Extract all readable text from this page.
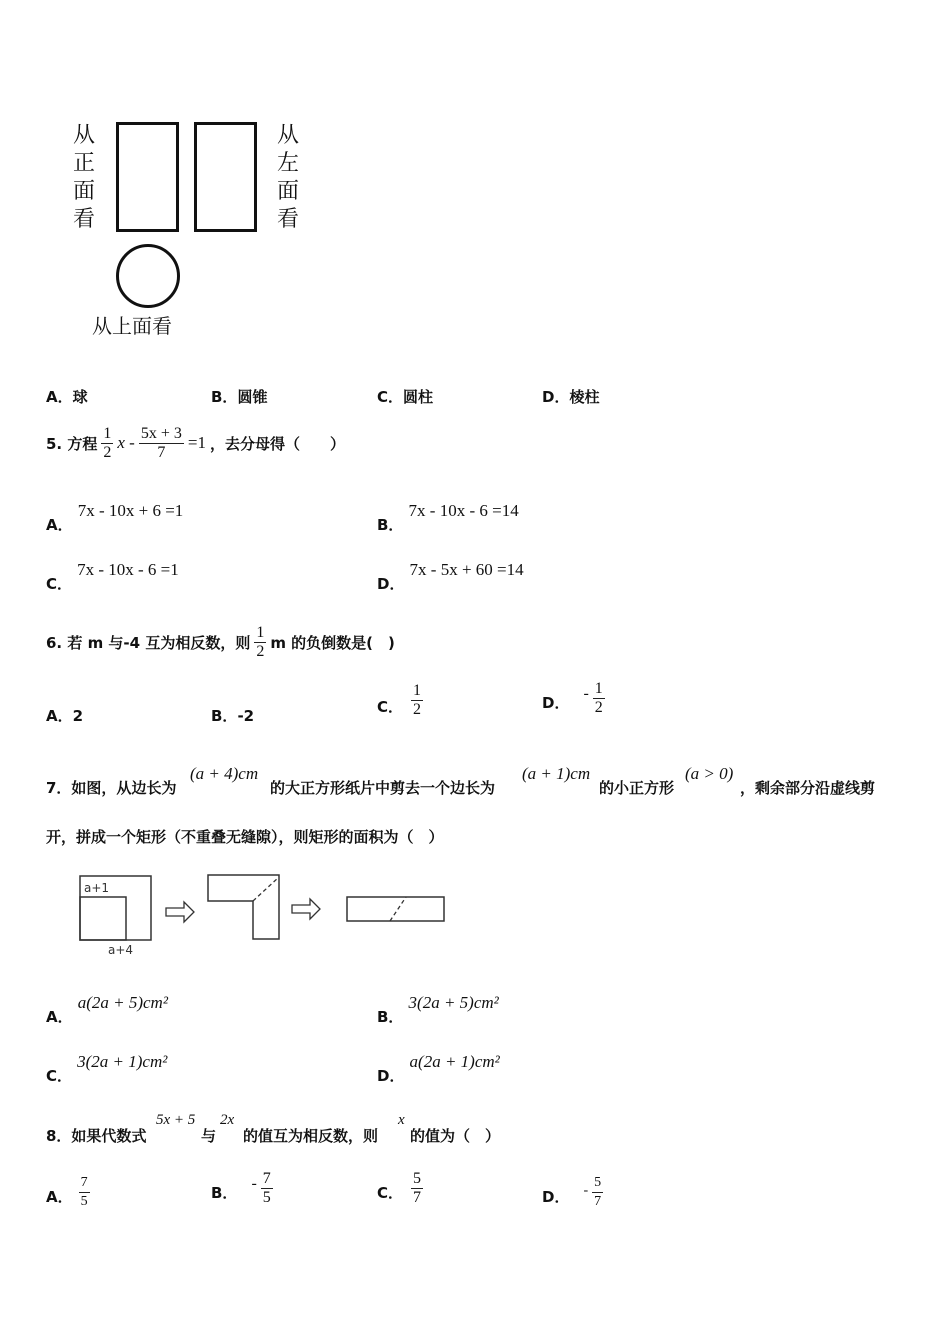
从
正
面
看
从
左
面
看
从上面看
A．球	B．圆锥	C．圆柱	D．棱柱
5. 方程 $\frac{1}{2}$ $x - \frac{5x + 3}{7} =1$ ，去分母得（　　）
A． 7x - 10x + 6 =1
B． 7x - 10x - 6 =14
C． 7x - 10x - 6 =1
D． 7x - 5x + 60 =14
6. 若 m 与-4 互为相反数，则 $\frac{1}{2}$ m 的负倒数是(　)
A．2	B．-2	C． $\frac{1}{2}$	D．
- $\frac{1}{2}$
7．如图，从边长为
(a + 4)cm
的大正方形纸片中剪去一个边长为
(a + 1)cm
的小正方形
(a > 0)
，剩余部分沿虚线剪
开，拼成一个矩形（不重叠无缝隙），则矩形的面积为（　）
a+1
a+4
A． a(2a + 5)cm²
B． 3(2a + 5)cm²
C． 3(2a + 1)cm²
D． a(2a + 1)cm²
8．如果代数式
5x + 5
与
2x
的值互为相反数，则
x
的值为（　）
A． $\frac{7}{5}$	B．
- $\frac{7}{5}$	C． $\frac{5}{7}$	D． - $\frac{5}{7}$
